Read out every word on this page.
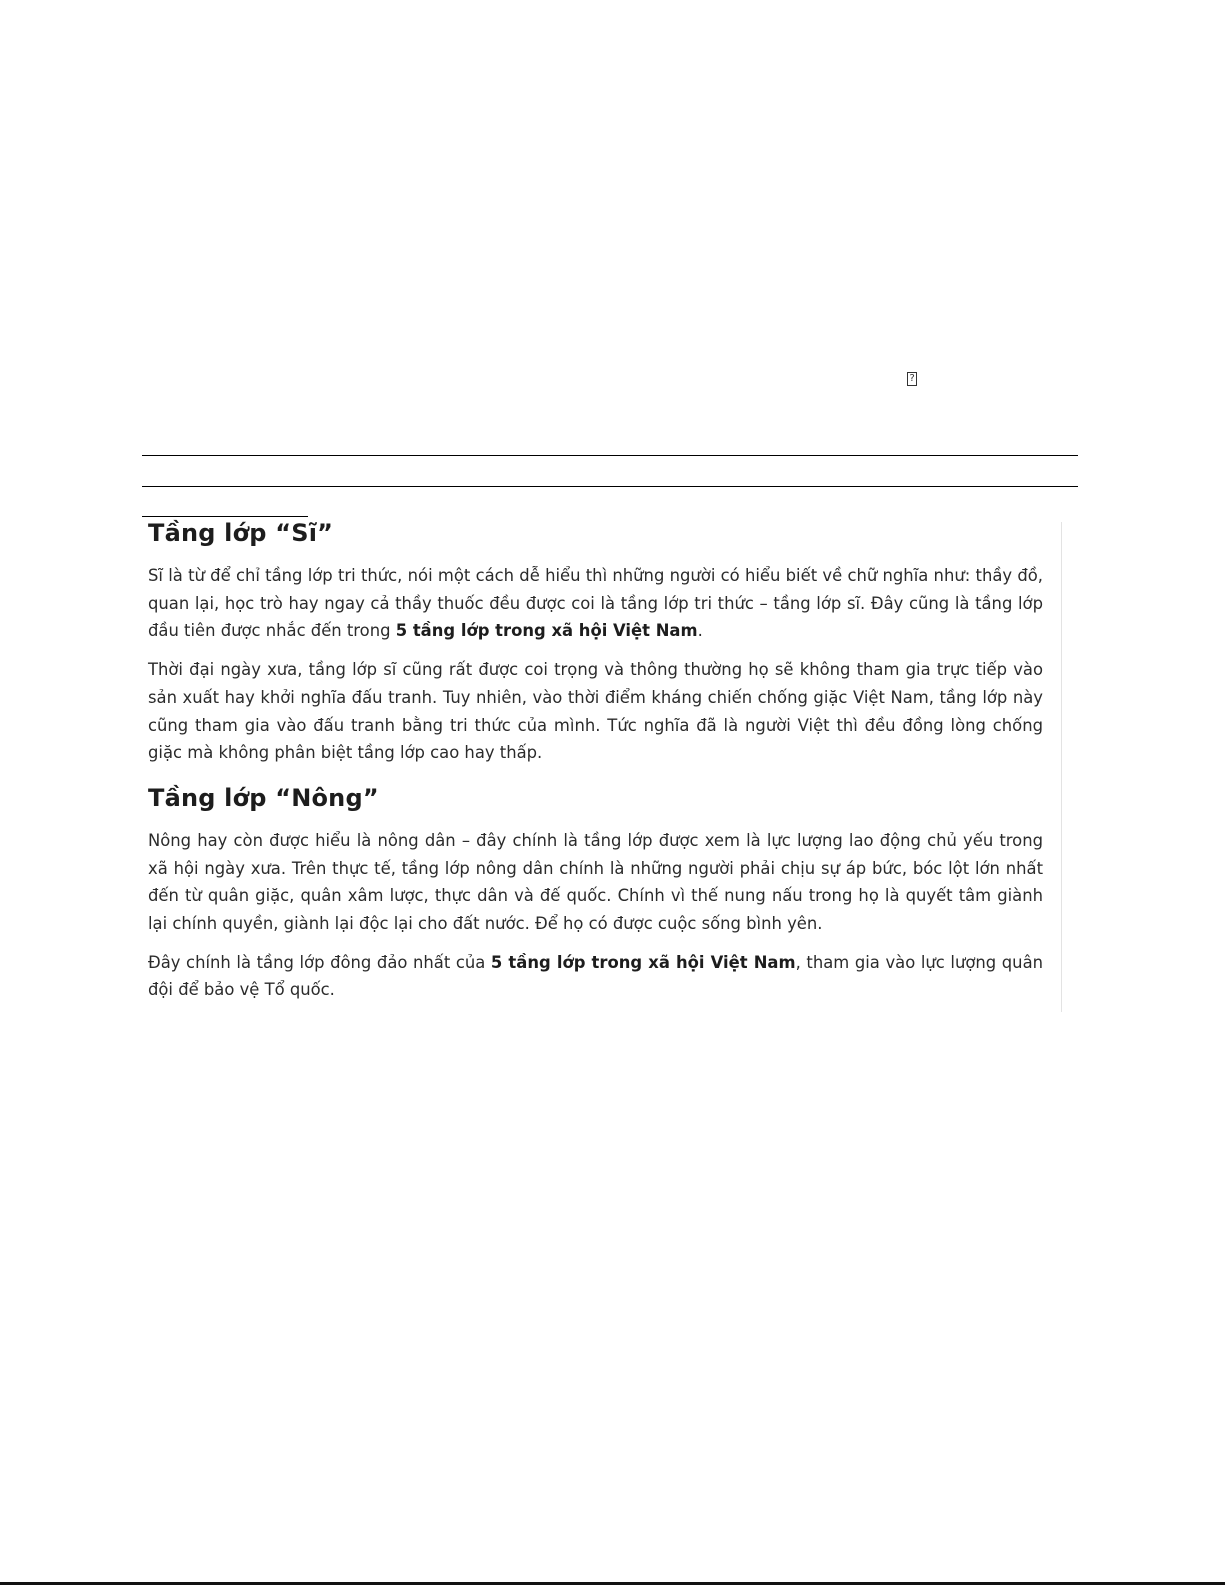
?
Tầng lớp “Sĩ”

Sĩ là từ để chỉ tầng lớp tri thức, nói một cách dễ hiểu thì những người có hiểu biết về chữ nghĩa như: thầy đồ, quan lại, học trò hay ngay cả thầy thuốc đều được coi là tầng lớp tri thức – tầng lớp sĩ. Đây cũng là tầng lớp đầu tiên được nhắc đến trong 5 tầng lớp trong xã hội Việt Nam.

Thời đại ngày xưa, tầng lớp sĩ cũng rất được coi trọng và thông thường họ sẽ không tham gia trực tiếp vào sản xuất hay khởi nghĩa đấu tranh. Tuy nhiên, vào thời điểm kháng chiến chống giặc Việt Nam, tầng lớp này cũng tham gia vào đấu tranh bằng tri thức của mình. Tức nghĩa đã là người Việt thì đều đồng lòng chống giặc mà không phân biệt tầng lớp cao hay thấp.

Tầng lớp “Nông”

Nông hay còn được hiểu là nông dân – đây chính là tầng lớp được xem là lực lượng lao động chủ yếu trong xã hội ngày xưa. Trên thực tế, tầng lớp nông dân chính là những người phải chịu sự áp bức, bóc lột lớn nhất đến từ quân giặc, quân xâm lược, thực dân và đế quốc. Chính vì thế nung nấu trong họ là quyết tâm giành lại chính quyền, giành lại độc lại cho đất nước. Để họ có được cuộc sống bình yên.

Đây chính là tầng lớp đông đảo nhất của 5 tầng lớp trong xã hội Việt Nam, tham gia vào lực lượng quân đội để bảo vệ Tổ quốc.
